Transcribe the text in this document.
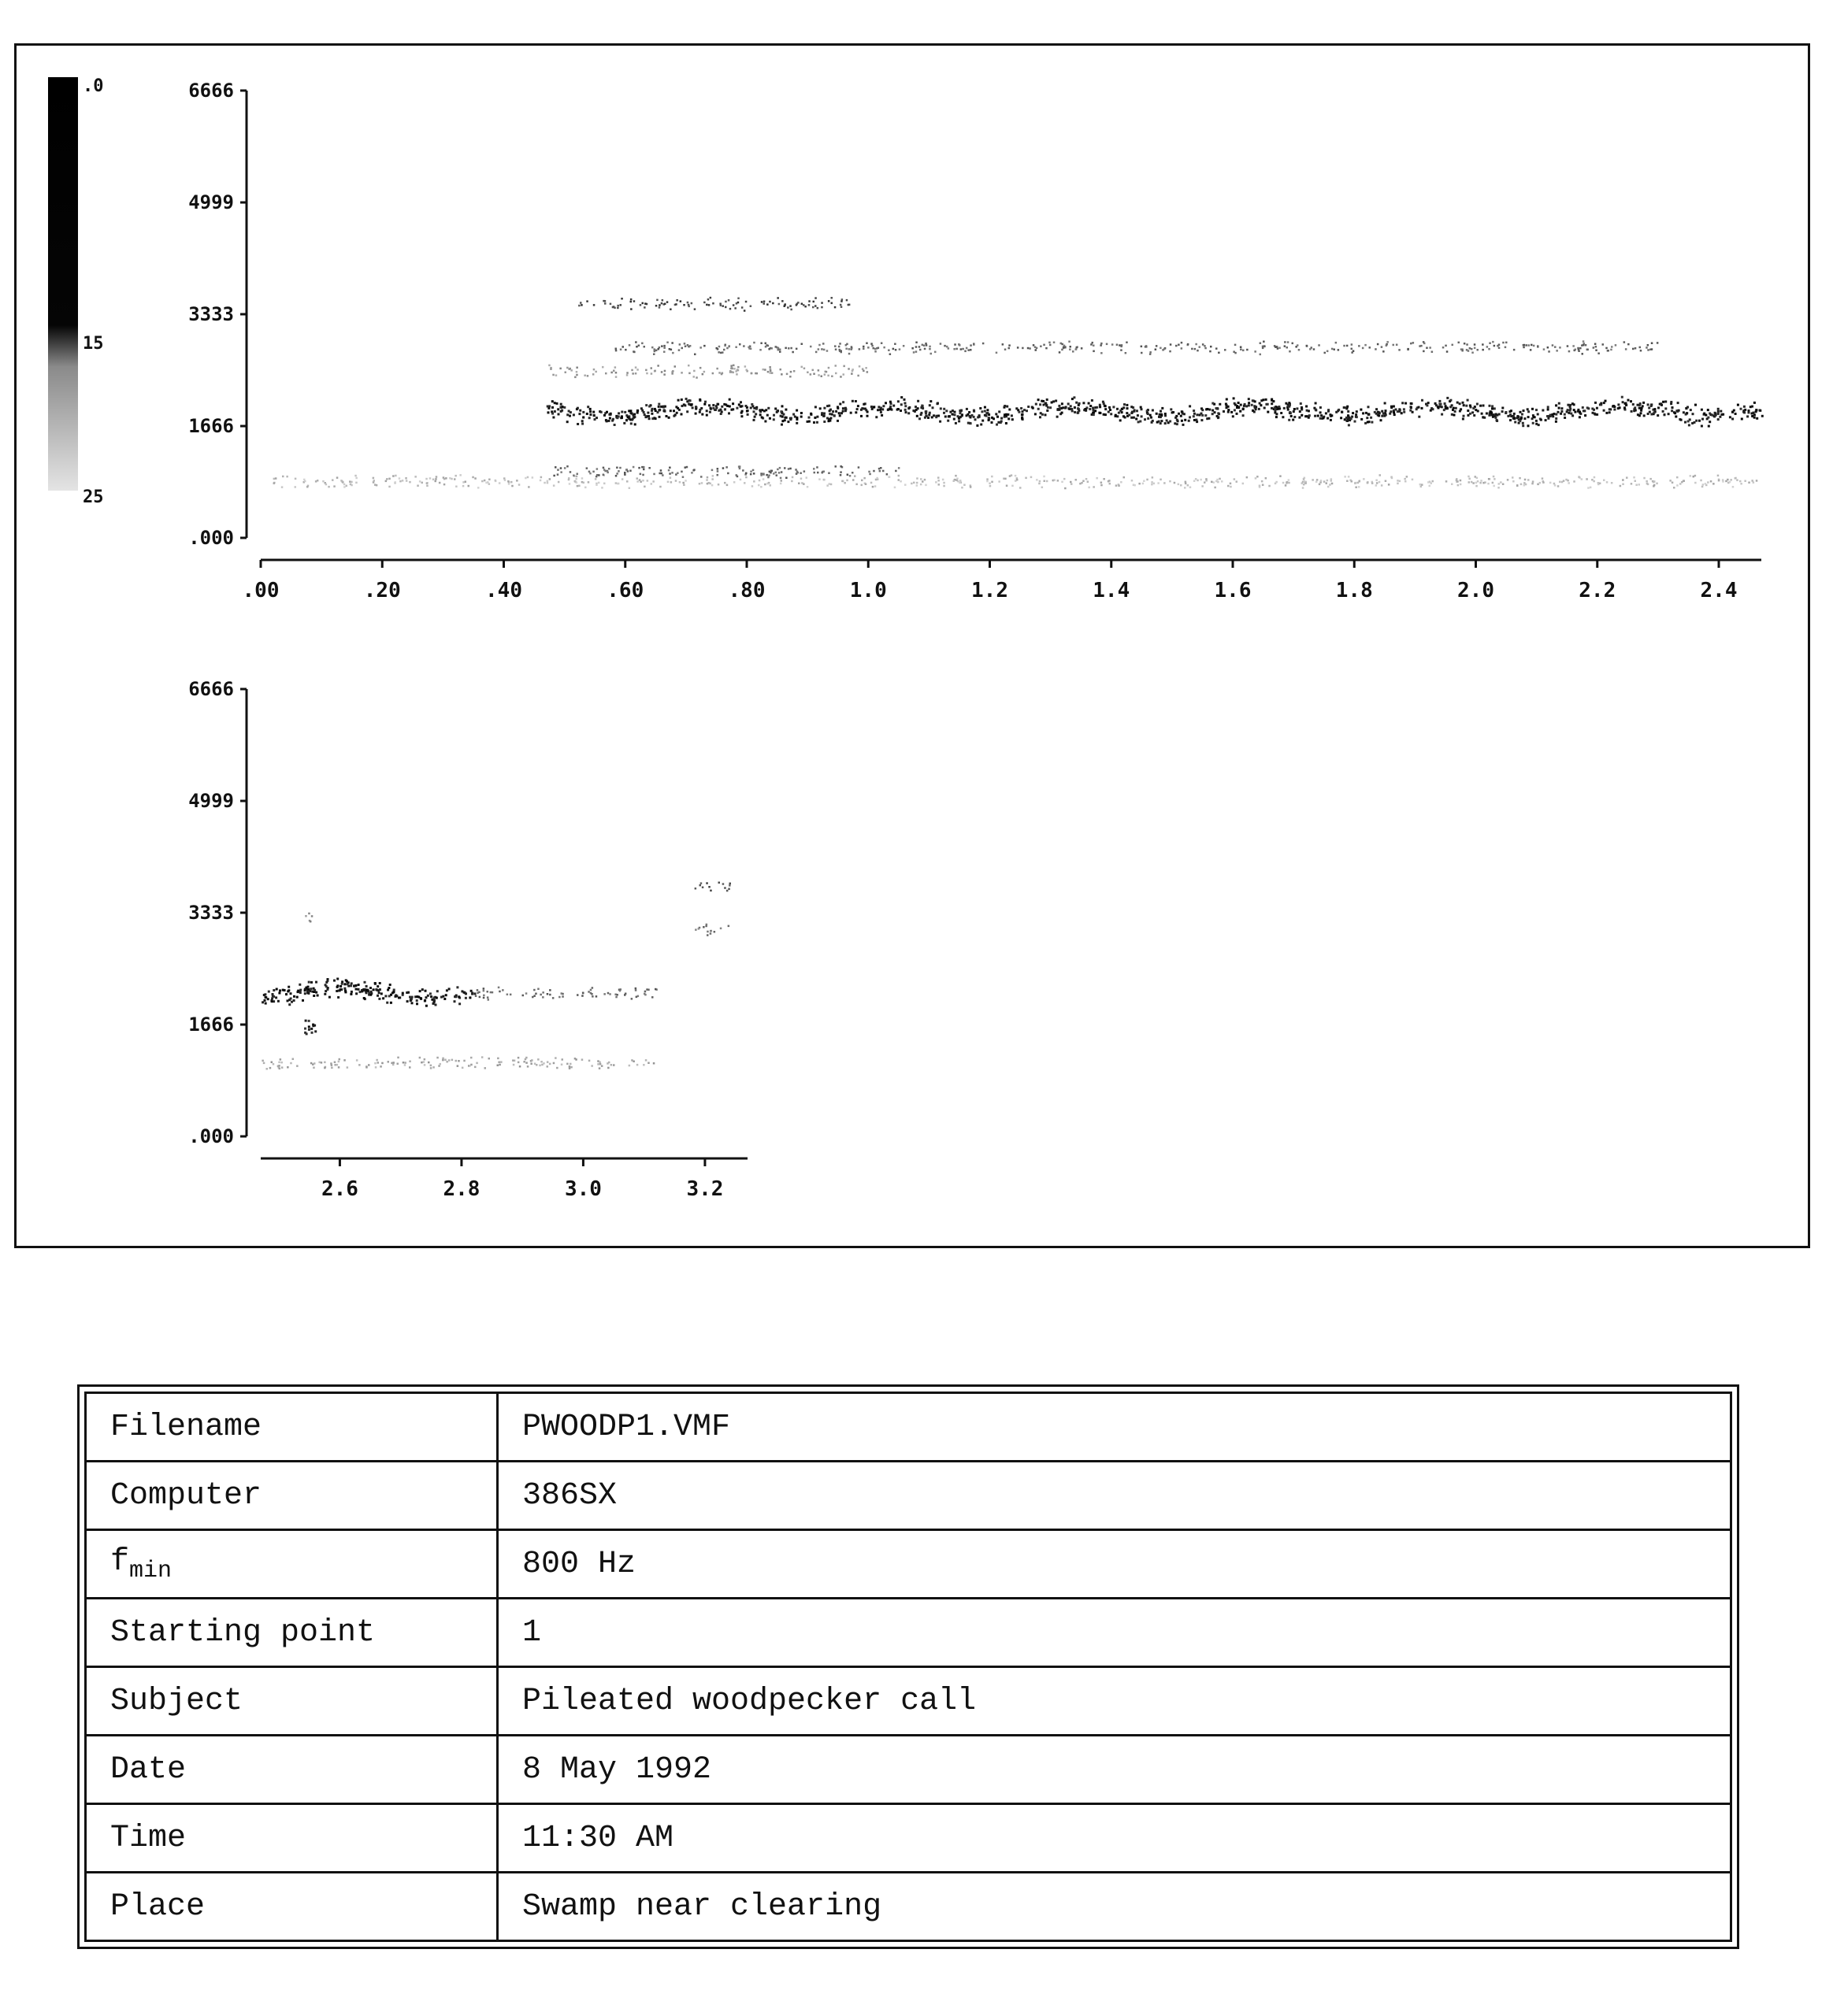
.0
15
25
6666
4999
3333
1666
.000
.00	.20	.40	.60	.80	1.0	1.2	1.4	1.6	1.8	2.0	2.2	2.4
6666
4999
3333
1666
.000
2.6	2.8	3.0	3.2
Filename	PWOODP1.VMF
Computer	386SX
$f_{min}$	800 Hz
Starting point	1
Subject	Pileated woodpecker call
Date	8 May 1992
Time	11:30 AM
Place	Swamp near clearing
